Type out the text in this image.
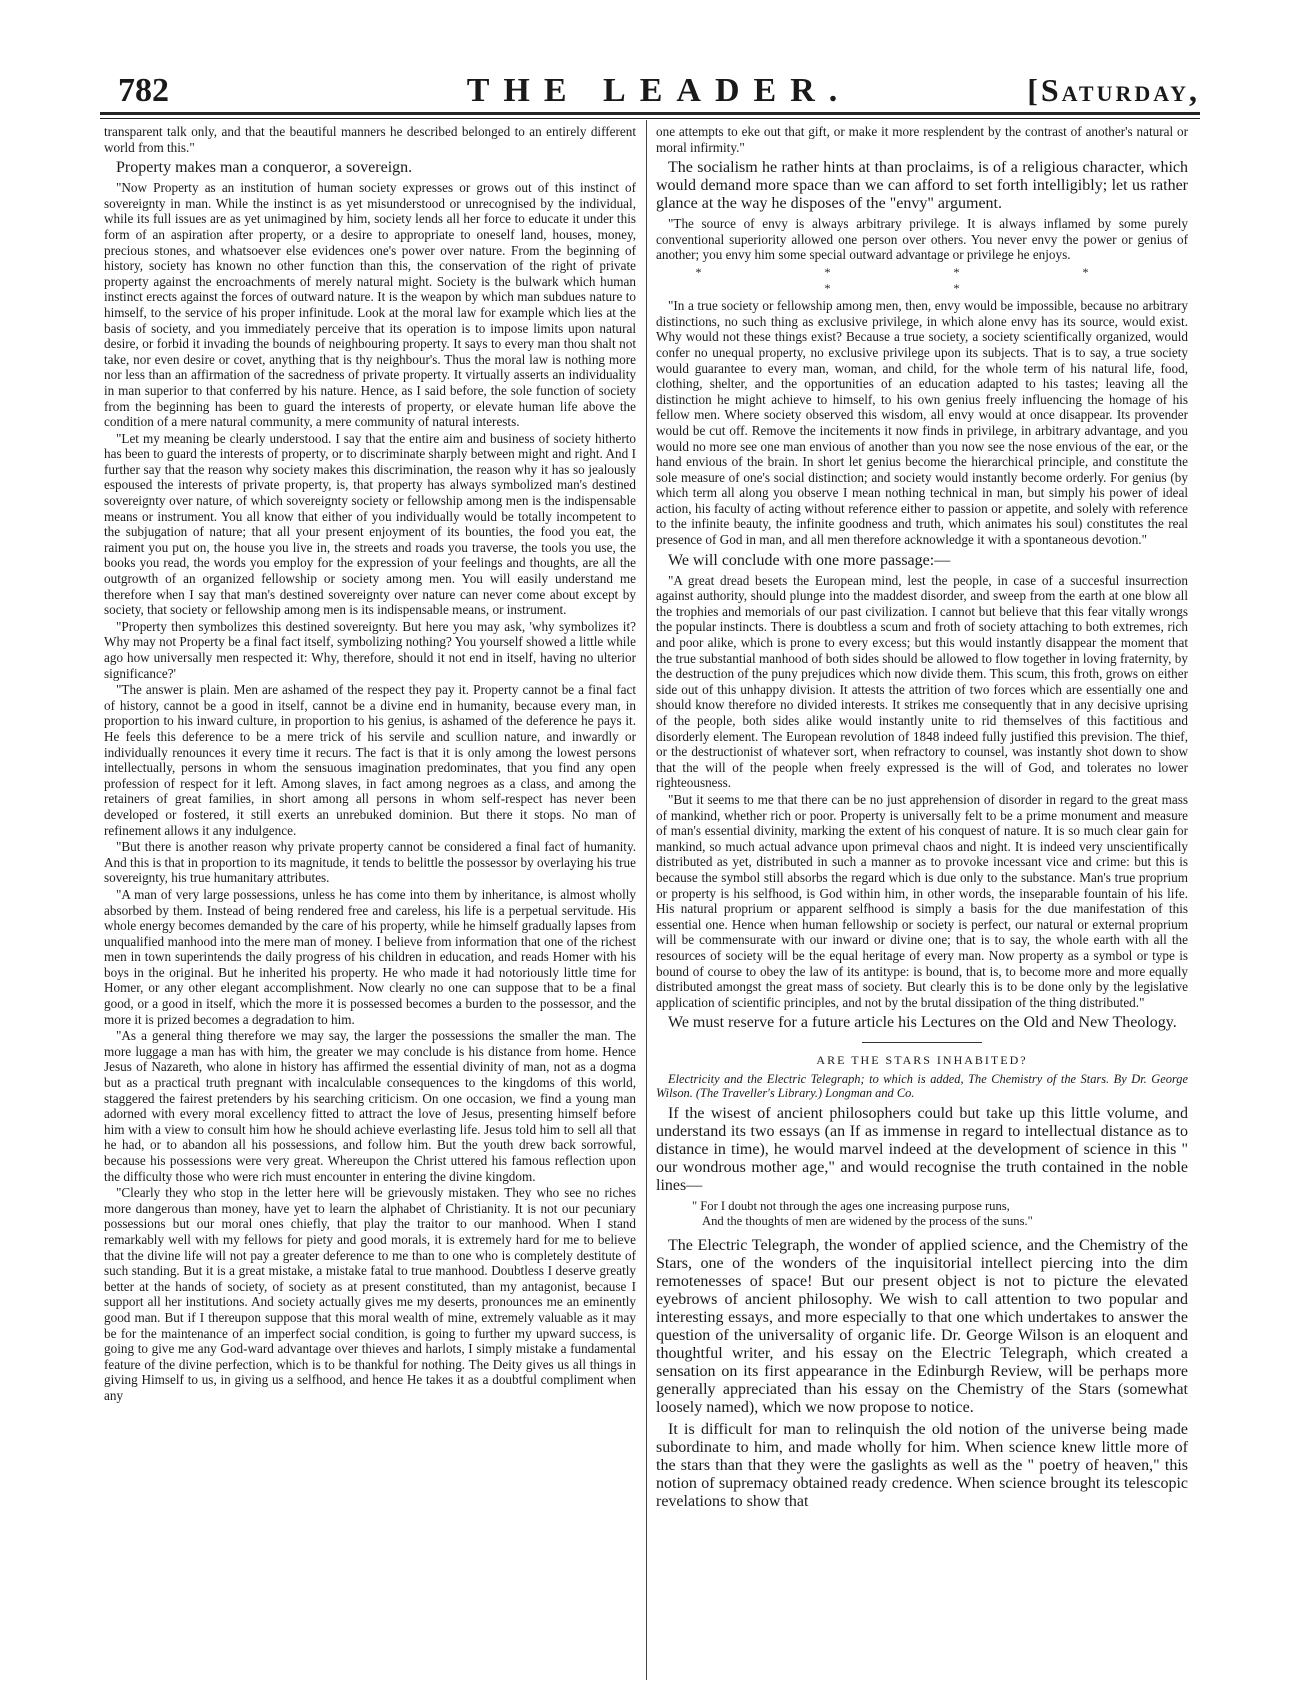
782	THE LEADER.	[Saturday,

transparent talk only, and that the beautiful manners he described belonged to an entirely different world from this."

Property makes man a conqueror, a sovereign.

"Now Property as an institution of human society expresses or grows out of this instinct of sovereignty in man. While the instinct is as yet misunderstood or unrecognised by the individual, while its full issues are as yet unimagined by him, society lends all her force to educate it under this form of an aspiration after property, or a desire to appropriate to oneself land, houses, money, precious stones, and whatsoever else evidences one's power over nature. From the beginning of history, society has known no other function than this, the conservation of the right of private property against the encroachments of merely natural might. Society is the bulwark which human instinct erects against the forces of outward nature. It is the weapon by which man subdues nature to himself, to the service of his proper infinitude. Look at the moral law for example which lies at the basis of society, and you immediately perceive that its operation is to impose limits upon natural desire, or forbid it invading the bounds of neighbouring property. It says to every man thou shalt not take, nor even desire or covet, anything that is thy neighbour's. Thus the moral law is nothing more nor less than an affirmation of the sacredness of private property. It virtually asserts an individuality in man superior to that conferred by his nature. Hence, as I said before, the sole function of society from the beginning has been to guard the interests of property, or elevate human life above the condition of a mere natural community, a mere community of natural interests.

"Let my meaning be clearly understood. I say that the entire aim and business of society hitherto has been to guard the interests of property, or to discriminate sharply between might and right. And I further say that the reason why society makes this discrimination, the reason why it has so jealously espoused the interests of private property, is, that property has always symbolized man's destined sovereignty over nature, of which sovereignty society or fellowship among men is the indispensable means or instrument. You all know that either of you individually would be totally incompetent to the subjugation of nature; that all your present enjoyment of its bounties, the food you eat, the raiment you put on, the house you live in, the streets and roads you traverse, the tools you use, the books you read, the words you employ for the expression of your feelings and thoughts, are all the outgrowth of an organized fellowship or society among men. You will easily understand me therefore when I say that man's destined sovereignty over nature can never come about except by society, that society or fellowship among men is its indispensable means, or instrument.

"Property then symbolizes this destined sovereignty. But here you may ask, 'why symbolizes it? Why may not Property be a final fact itself, symbolizing nothing? You yourself showed a little while ago how universally men respected it: Why, therefore, should it not end in itself, having no ulterior significance?'

"The answer is plain. Men are ashamed of the respect they pay it. Property cannot be a final fact of history, cannot be a good in itself, cannot be a divine end in humanity, because every man, in proportion to his inward culture, in proportion to his genius, is ashamed of the deference he pays it. He feels this deference to be a mere trick of his servile and scullion nature, and inwardly or individually renounces it every time it recurs. The fact is that it is only among the lowest persons intellectually, persons in whom the sensuous imagination predominates, that you find any open profession of respect for it left. Among slaves, in fact among negroes as a class, and among the retainers of great families, in short among all persons in whom self-respect has never been developed or fostered, it still exerts an unrebuked dominion. But there it stops. No man of refinement allows it any indulgence.

"But there is another reason why private property cannot be considered a final fact of humanity. And this is that in proportion to its magnitude, it tends to belittle the possessor by overlaying his true sovereignty, his true humanitary attributes.

"A man of very large possessions, unless he has come into them by inheritance, is almost wholly absorbed by them. Instead of being rendered free and careless, his life is a perpetual servitude. His whole energy becomes demanded by the care of his property, while he himself gradually lapses from unqualified manhood into the mere man of money. I believe from information that one of the richest men in town superintends the daily progress of his children in education, and reads Homer with his boys in the original. But he inherited his property. He who made it had notoriously little time for Homer, or any other elegant accomplishment. Now clearly no one can suppose that to be a final good, or a good in itself, which the more it is possessed becomes a burden to the possessor, and the more it is prized becomes a degradation to him.

"As a general thing therefore we may say, the larger the possessions the smaller the man. The more luggage a man has with him, the greater we may conclude is his distance from home. Hence Jesus of Nazareth, who alone in history has affirmed the essential divinity of man, not as a dogma but as a practical truth pregnant with incalculable consequences to the kingdoms of this world, staggered the fairest pretenders by his searching criticism. On one occasion, we find a young man adorned with every moral excellency fitted to attract the love of Jesus, presenting himself before him with a view to consult him how he should achieve everlasting life. Jesus told him to sell all that he had, or to abandon all his possessions, and follow him. But the youth drew back sorrowful, because his possessions were very great. Whereupon the Christ uttered his famous reflection upon the difficulty those who were rich must encounter in entering the divine kingdom.

"Clearly they who stop in the letter here will be grievously mistaken. They who see no riches more dangerous than money, have yet to learn the alphabet of Christianity. It is not our pecuniary possessions but our moral ones chiefly, that play the traitor to our manhood. When I stand remarkably well with my fellows for piety and good morals, it is extremely hard for me to believe that the divine life will not pay a greater deference to me than to one who is completely destitute of such standing. But it is a great mistake, a mistake fatal to true manhood. Doubtless I deserve greatly better at the hands of society, of society as at present constituted, than my antagonist, because I support all her institutions. And society actually gives me my deserts, pronounces me an eminently good man. But if I thereupon suppose that this moral wealth of mine, extremely valuable as it may be for the maintenance of an imperfect social condition, is going to further my upward success, is going to give me any God-ward advantage over thieves and harlots, I simply mistake a fundamental feature of the divine perfection, which is to be thankful for nothing. The Deity gives us all things in giving Himself to us, in giving us a selfhood, and hence He takes it as a doubtful compliment when any

one attempts to eke out that gift, or make it more resplendent by the contrast of another's natural or moral infirmity."

The socialism he rather hints at than proclaims, is of a religious character, which would demand more space than we can afford to set forth intelligibly; let us rather glance at the way he disposes of the "envy" argument.

"The source of envy is always arbitrary privilege. It is always inflamed by some purely conventional superiority allowed one person over others. You never envy the power or genius of another; you envy him some special outward advantage or privilege he enjoys.

* * * * * *

"In a true society or fellowship among men, then, envy would be impossible, because no arbitrary distinctions, no such thing as exclusive privilege, in which alone envy has its source, would exist. Why would not these things exist? Because a true society, a society scientifically organized, would confer no unequal property, no exclusive privilege upon its subjects. That is to say, a true society would guarantee to every man, woman, and child, for the whole term of his natural life, food, clothing, shelter, and the opportunities of an education adapted to his tastes; leaving all the distinction he might achieve to himself, to his own genius freely influencing the homage of his fellow men. Where society observed this wisdom, all envy would at once disappear. Its provender would be cut off. Remove the incitements it now finds in privilege, in arbitrary advantage, and you would no more see one man envious of another than you now see the nose envious of the ear, or the hand envious of the brain. In short let genius become the hierarchical principle, and constitute the sole measure of one's social distinction; and society would instantly become orderly. For genius (by which term all along you observe I mean nothing technical in man, but simply his power of ideal action, his faculty of acting without reference either to passion or appetite, and solely with reference to the infinite beauty, the infinite goodness and truth, which animates his soul) constitutes the real presence of God in man, and all men therefore acknowledge it with a spontaneous devotion."

We will conclude with one more passage:—

"A great dread besets the European mind, lest the people, in case of a succesful insurrection against authority, should plunge into the maddest disorder, and sweep from the earth at one blow all the trophies and memorials of our past civilization. I cannot but believe that this fear vitally wrongs the popular instincts. There is doubtless a scum and froth of society attaching to both extremes, rich and poor alike, which is prone to every excess; but this would instantly disappear the moment that the true substantial manhood of both sides should be allowed to flow together in loving fraternity, by the destruction of the puny prejudices which now divide them. This scum, this froth, grows on either side out of this unhappy division. It attests the attrition of two forces which are essentially one and should know therefore no divided interests. It strikes me consequently that in any decisive uprising of the people, both sides alike would instantly unite to rid themselves of this factitious and disorderly element. The European revolution of 1848 indeed fully justified this prevision. The thief, or the destructionist of whatever sort, when refractory to counsel, was instantly shot down to show that the will of the people when freely expressed is the will of God, and tolerates no lower righteousness.

"But it seems to me that there can be no just apprehension of disorder in regard to the great mass of mankind, whether rich or poor. Property is universally felt to be a prime monument and measure of man's essential divinity, marking the extent of his conquest of nature. It is so much clear gain for mankind, so much actual advance upon primeval chaos and night. It is indeed very unscientifically distributed as yet, distributed in such a manner as to provoke incessant vice and crime: but this is because the symbol still absorbs the regard which is due only to the substance. Man's true proprium or property is his selfhood, is God within him, in other words, the inseparable fountain of his life. His natural proprium or apparent selfhood is simply a basis for the due manifestation of this essential one. Hence when human fellowship or society is perfect, our natural or external proprium will be commensurate with our inward or divine one; that is to say, the whole earth with all the resources of society will be the equal heritage of every man. Now property as a symbol or type is bound of course to obey the law of its antitype: is bound, that is, to become more and more equally distributed amongst the great mass of society. But clearly this is to be done only by the legislative application of scientific principles, and not by the brutal dissipation of the thing distributed."

We must reserve for a future article his Lectures on the Old and New Theology.

ARE THE STARS INHABITED?

Electricity and the Electric Telegraph; to which is added, The Chemistry of the Stars. By Dr. George Wilson. (The Traveller's Library.) Longman and Co.

If the wisest of ancient philosophers could but take up this little volume, and understand its two essays (an If as immense in regard to intellectual distance as to distance in time), he would marvel indeed at the development of science in this " our wondrous mother age," and would recognise the truth contained in the noble lines—

" For I doubt not through the ages one increasing purpose runs,
And the thoughts of men are widened by the process of the suns."

The Electric Telegraph, the wonder of applied science, and the Chemistry of the Stars, one of the wonders of the inquisitorial intellect piercing into the dim remotenesses of space! But our present object is not to picture the elevated eyebrows of ancient philosophy. We wish to call attention to two popular and interesting essays, and more especially to that one which undertakes to answer the question of the universality of organic life. Dr. George Wilson is an eloquent and thoughtful writer, and his essay on the Electric Telegraph, which created a sensation on its first appearance in the Edinburgh Review, will be perhaps more generally appreciated than his essay on the Chemistry of the Stars (somewhat loosely named), which we now propose to notice.

It is difficult for man to relinquish the old notion of the universe being made subordinate to him, and made wholly for him. When science knew little more of the stars than that they were the gaslights as well as the " poetry of heaven," this notion of supremacy obtained ready credence. When science brought its telescopic revelations to show that
